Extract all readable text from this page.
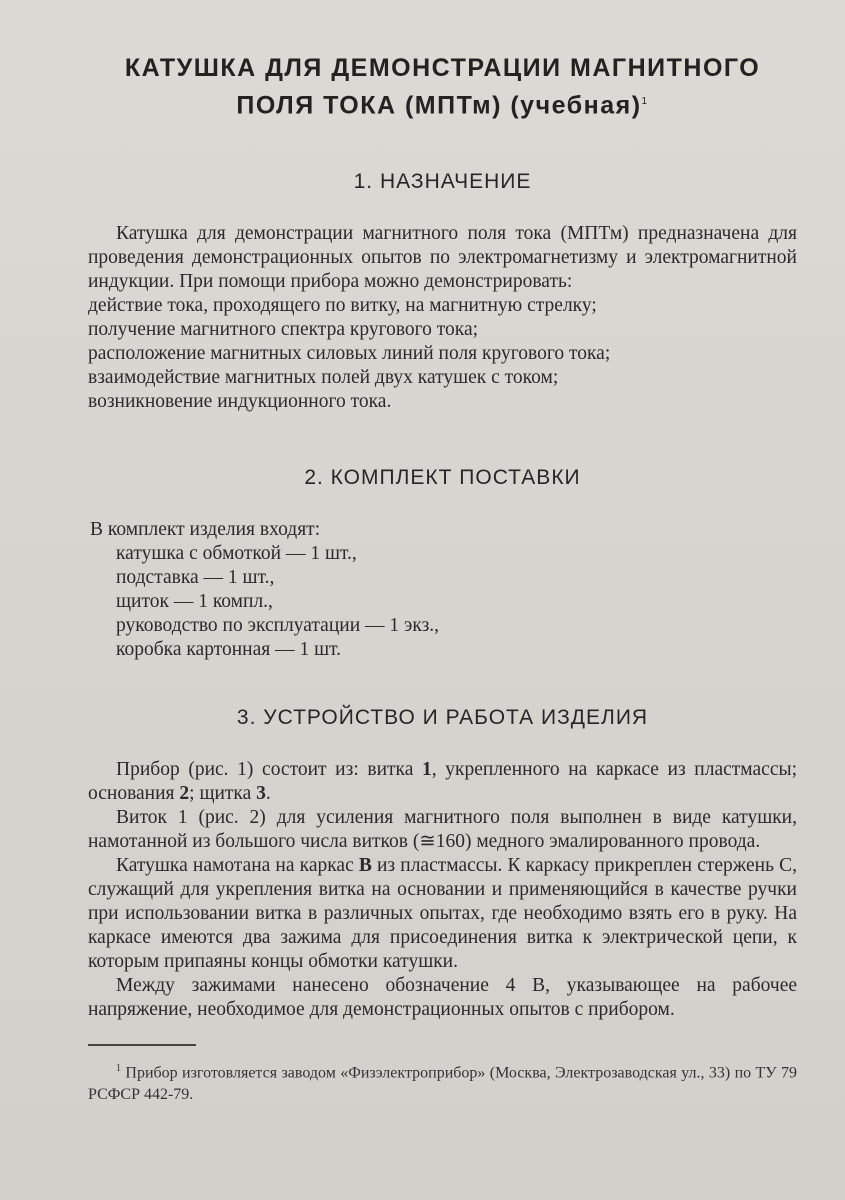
КАТУШКА ДЛЯ ДЕМОНСТРАЦИИ МАГНИТНОГО
ПОЛЯ ТОКА (МПТм) (учебная)$^1$
1. НАЗНАЧЕНИЕ

Катушка для демонстрации магнитного поля тока (МПТм) предназначена для проведения демонстрационных опытов по электромагнетизму и электромагнитной индукции. При помощи прибора можно демонстрировать:

действие тока, проходящего по витку, на магнитную стрелку;
получение магнитного спектра кругового тока;
расположение магнитных силовых линий поля кругового тока;
взаимодействие магнитных полей двух катушек с током;
возникновение индукционного тока.
2. КОМПЛЕКТ ПОСТАВКИ
В комплект изделия входят:
катушка с обмоткой — 1 шт.,
подставка — 1 шт.,
щиток — 1 компл.,
руководство по эксплуатации — 1 экз.,
коробка картонная — 1 шт.
3. УСТРОЙСТВО И РАБОТА ИЗДЕЛИЯ

Прибор (рис. 1) состоит из: витка 1, укрепленного на каркасе из пластмассы; основания 2; щитка 3.

Виток 1 (рис. 2) для усиления магнитного поля выполнен в виде катушки, намотанной из большого числа витков (≅160) медного эмалированного провода.

Катушка намотана на каркас В из пластмассы. К каркасу прикреплен стержень С, служащий для укрепления витка на основании и применяющийся в качестве ручки при использовании витка в различных опытах, где необходимо взять его в руку. На каркасе имеются два зажима для присоединения витка к электрической цепи, к которым припаяны концы обмотки катушки.

Между зажимами нанесено обозначение 4 В, указывающее на рабочее напряжение, необходимое для демонстрационных опытов с прибором.

$^1$ Прибор изготовляется заводом «Физэлектроприбор» (Москва, Электрозаводская ул., 33) по ТУ 79 РСФСР 442-79.
